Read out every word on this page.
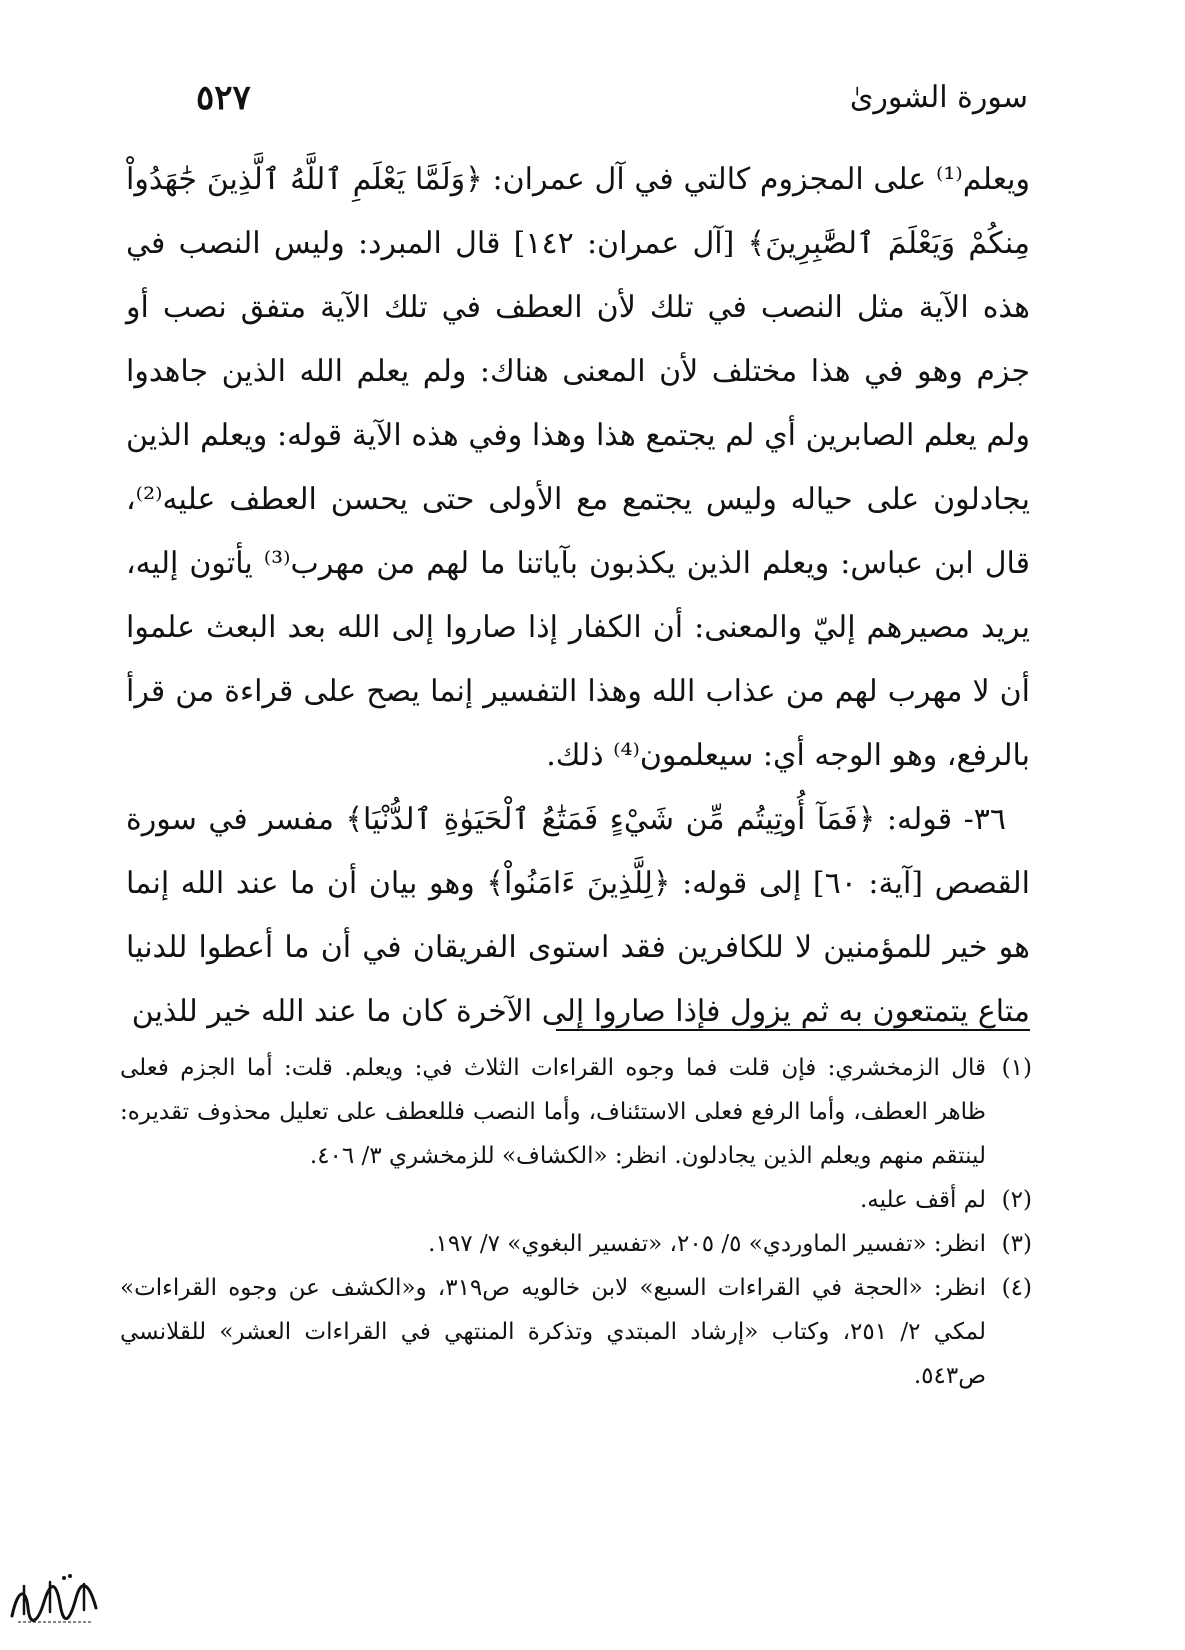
٥٢٧	سورة الشورىٰ

ويعلم⁽¹⁾ على المجزوم كالتي في آل عمران: ﴿وَلَمَّا يَعْلَمِ ٱللَّهُ ٱلَّذِينَ جَٰهَدُواْ مِنكُمْ وَيَعْلَمَ ٱلصَّٰبِرِينَ﴾ [آل عمران: ١٤٢] قال المبرد: وليس النصب في هذه الآية مثل النصب في تلك لأن العطف في تلك الآية متفق نصب أو جزم وهو في هذا مختلف لأن المعنى هناك: ولم يعلم الله الذين جاهدوا ولم يعلم الصابرين أي لم يجتمع هذا وهذا وفي هذه الآية قوله: ويعلم الذين يجادلون على حياله وليس يجتمع مع الأولى حتى يحسن العطف عليه⁽²⁾، قال ابن عباس: ويعلم الذين يكذبون بآياتنا ما لهم من مهرب⁽³⁾ يأتون إليه، يريد مصيرهم إليّ والمعنى: أن الكفار إذا صاروا إلى الله بعد البعث علموا أن لا مهرب لهم من عذاب الله وهذا التفسير إنما يصح على قراءة من قرأ بالرفع، وهو الوجه أي: سيعلمون⁽⁴⁾ ذلك.

٣٦- قوله: ﴿فَمَآ أُوتِيتُم مِّن شَيْءٍ فَمَتَٰعُ ٱلْحَيَوٰةِ ٱلدُّنْيَا﴾ مفسر في سورة القصص [آية: ٦٠] إلى قوله: ﴿لِلَّذِينَ ءَامَنُواْ﴾ وهو بيان أن ما عند الله إنما هو خير للمؤمنين لا للكافرين فقد استوى الفريقان في أن ما أعطوا للدنيا متاع يتمتعون به ثم يزول فإذا صاروا إلى الآخرة كان ما عند الله خير للذين

(١)
قال الزمخشري: فإن قلت فما وجوه القراءات الثلاث في: ويعلم. قلت: أما الجزم فعلى ظاهر العطف، وأما الرفع فعلى الاستئناف، وأما النصب فللعطف على تعليل محذوف تقديره: لينتقم منهم ويعلم الذين يجادلون. انظر: «الكشاف» للزمخشري ٣/ ٤٠٦.
(٢)
لم أقف عليه.
(٣)
انظر: «تفسير الماوردي» ٥/ ٢٠٥، «تفسير البغوي» ٧/ ١٩٧.
(٤)
انظر: «الحجة في القراءات السبع» لابن خالويه ص٣١٩، و«الكشف عن وجوه القراءات» لمكي ٢/ ٢٥١، وكتاب «إرشاد المبتدي وتذكرة المنتهي في القراءات العشر» للقلانسي ص٥٤٣.
